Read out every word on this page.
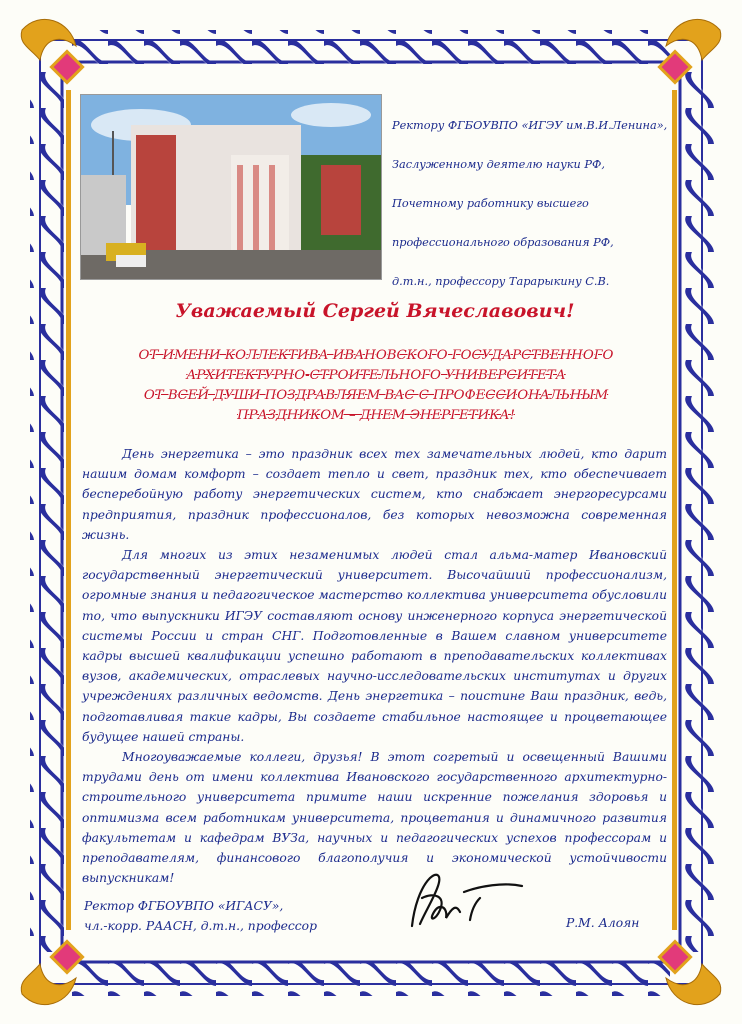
Ректору ФГБОУВПО «ИГЭУ им.В.И.Ленина»,

Заслуженному деятелю науки РФ,

Почетному работнику высшего

профессионального образования РФ,

д.т.н., профессору Тарарыкину С.В.

Уважаемый Сергей Вячеславович!
ОТ ИМЕНИ КОЛЛЕКТИВА ИВАНОВСКОГО ГОСУДАРСТВЕННОГО
АРХИТЕКТУРНО-СТРОИТЕЛЬНОГО УНИВЕРСИТЕТА
ОТ ВСЕЙ ДУШИ ПОЗДРАВЛЯЕМ ВАС С ПРОФЕССИОНАЛЬНЫМ
ПРАЗДНИКОМ – ДНЕМ ЭНЕРГЕТИКА!

День энергетика – это праздник всех тех замечательных людей, кто дарит нашим домам комфорт – создает тепло и свет, праздник тех, кто обеспечивает бесперебойную работу энергетических систем, кто снабжает энергоресурсами предприятия, праздник профессионалов, без которых невозможна современная жизнь.

Для многих из этих незаменимых людей стал альма-матер Ивановский государственный энергетический университет. Высочайший профессионализм, огромные знания и педагогическое мастерство коллектива университета обусловили то, что выпускники ИГЭУ составляют основу инженерного корпуса энергетической системы России и стран СНГ. Подготовленные в Вашем славном университете кадры высшей квалификации успешно работают в преподавательских коллективах вузов, академических, отраслевых научно-исследовательских институтах и других учреждениях различных ведомств. День энергетика – поистине Ваш праздник, ведь, подготавливая такие кадры, Вы создаете стабильное настоящее и процветающее будущее нашей страны.

Многоуважаемые коллеги, друзья! В этот согретый и освещенный Вашими трудами день от имени коллектива Ивановского государственного архитектурно-строительного университета примите наши искренние пожелания здоровья и оптимизма всем работникам университета, процветания и динамичного развития факультетам и кафедрам ВУЗа, научных и педагогических успехов профессорам и преподавателям, финансового благополучия и экономической устойчивости выпускникам!

Ректор ФГБОУВПО «ИГАСУ»,
чл.-корр. РААСН, д.т.н., профессор	Р.М. Алоян
